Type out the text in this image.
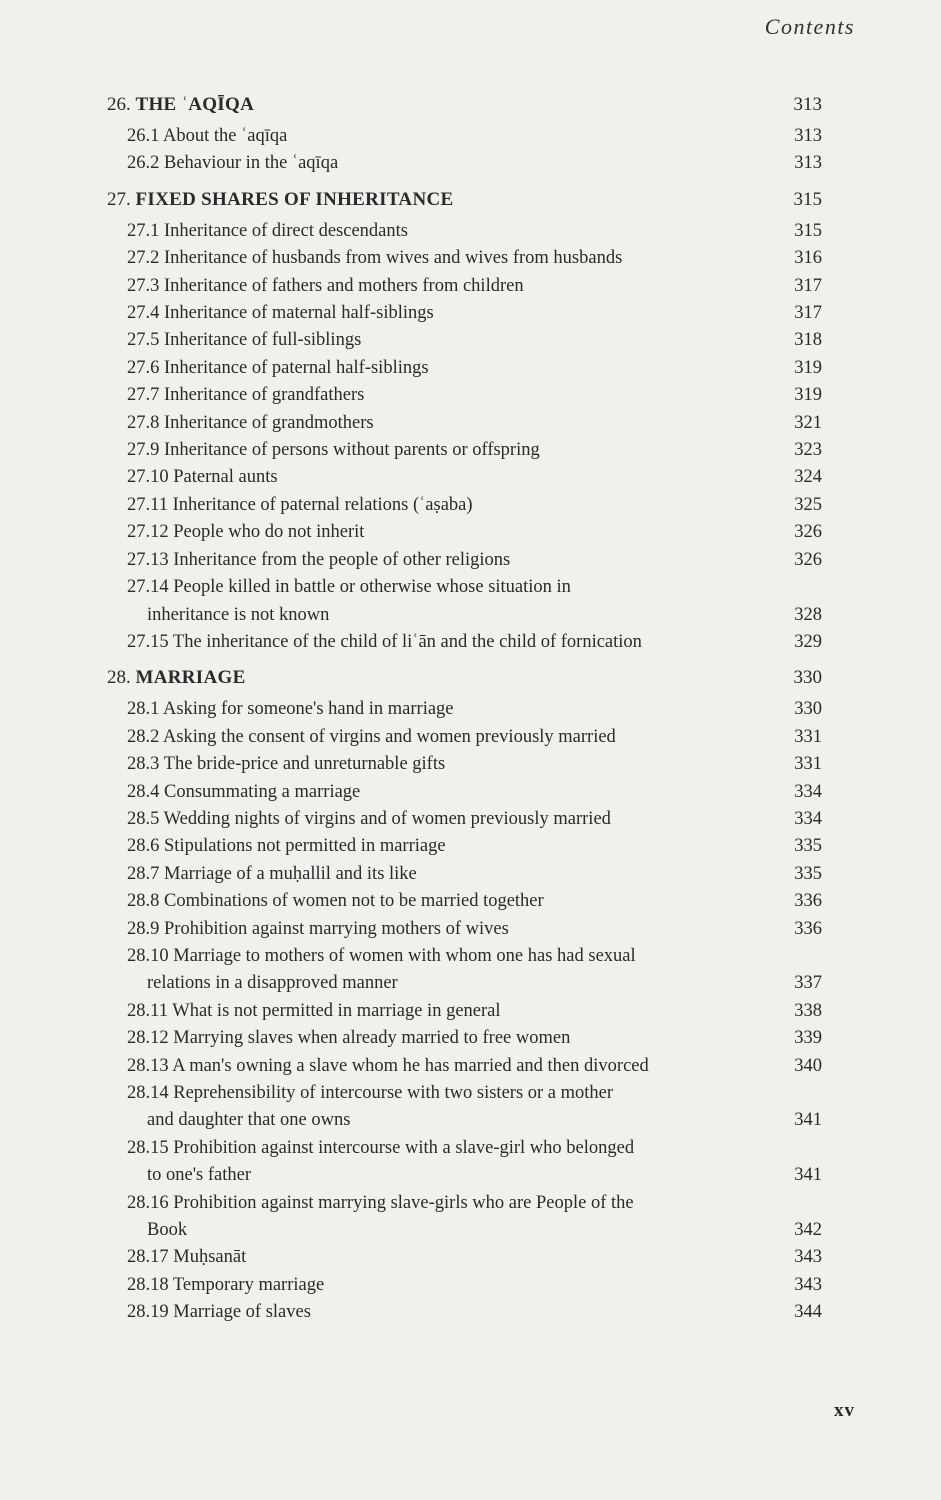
Contents
26. THE ʿAQĪQA	313
26.1 About the ʿaqīqa	313
26.2 Behaviour in the ʿaqīqa	313
27. FIXED SHARES OF INHERITANCE	315
27.1 Inheritance of direct descendants	315
27.2 Inheritance of husbands from wives and wives from husbands	316
27.3 Inheritance of fathers and mothers from children	317
27.4 Inheritance of maternal half-siblings	317
27.5 Inheritance of full-siblings	318
27.6 Inheritance of paternal half-siblings	319
27.7 Inheritance of grandfathers	319
27.8 Inheritance of grandmothers	321
27.9 Inheritance of persons without parents or offspring	323
27.10 Paternal aunts	324
27.11 Inheritance of paternal relations (ʿaṣaba)	325
27.12 People who do not inherit	326
27.13 Inheritance from the people of other religions	326
27.14 People killed in battle or otherwise whose situation in
inheritance is not known	328
27.15 The inheritance of the child of liʿān and the child of fornication	329
28. MARRIAGE	330
28.1 Asking for someone's hand in marriage	330
28.2 Asking the consent of virgins and women previously married	331
28.3 The bride-price and unreturnable gifts	331
28.4 Consummating a marriage	334
28.5 Wedding nights of virgins and of women previously married	334
28.6 Stipulations not permitted in marriage	335
28.7 Marriage of a muḥallil and its like	335
28.8 Combinations of women not to be married together	336
28.9 Prohibition against marrying mothers of wives	336
28.10 Marriage to mothers of women with whom one has had sexual
relations in a disapproved manner	337
28.11 What is not permitted in marriage in general	338
28.12 Marrying slaves when already married to free women	339
28.13 A man's owning a slave whom he has married and then divorced	340
28.14 Reprehensibility of intercourse with two sisters or a mother
and daughter that one owns	341
28.15 Prohibition against intercourse with a slave-girl who belonged
to one's father	341
28.16 Prohibition against marrying slave-girls who are People of the
Book	342
28.17 Muḥsanāt	343
28.18 Temporary marriage	343
28.19 Marriage of slaves	344
xv
